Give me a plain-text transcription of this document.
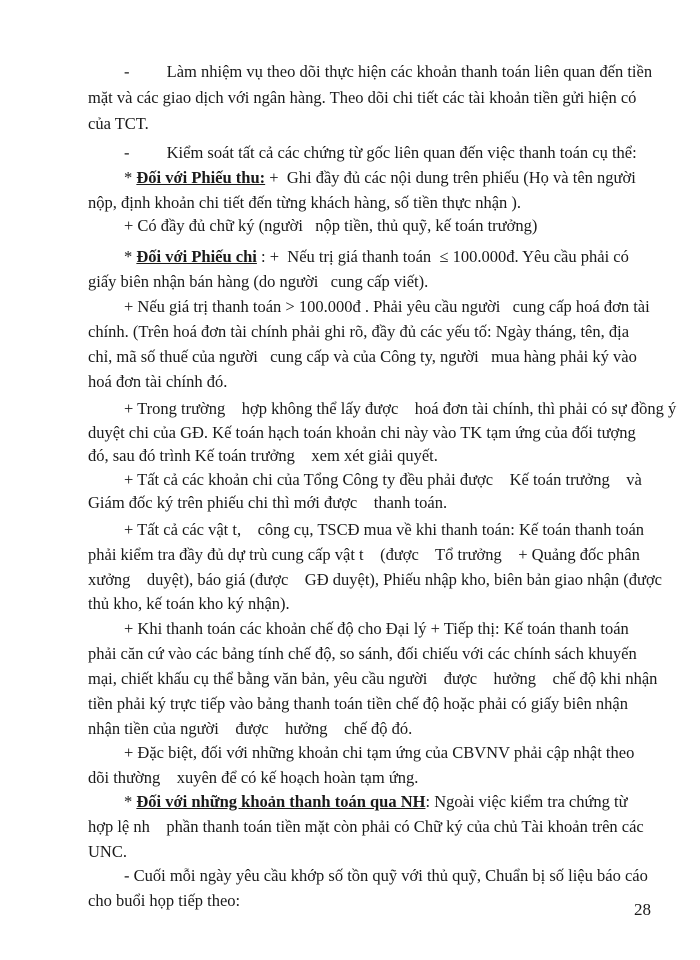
-         Làm nhiệm vụ theo dõi thực hiện các khoản thanh toán liên quan đến tiền
mặt và các giao dịch với ngân hàng. Theo dõi chi tiết các tài khoản tiền gửi hiện có
của TCT.
-         Kiểm soát tất cả các chứng từ gốc liên quan đến việc thanh toán cụ thể:
* Đối với Phiếu thu: +  Ghi đầy đủ các nội dung trên phiếu (Họ và tên người
nộp, định khoản chi tiết đến từng khách hàng, số tiền thực nhận ).
+ Có đầy đủ chữ ký (người   nộp tiền, thủ quỹ, kế toán trưởng)
* Đối với Phiếu chi : +  Nếu trị giá thanh toán  ≤ 100.000đ. Yêu cầu phải có
giấy biên nhận bán hàng (do người   cung cấp viết).
+ Nếu giá trị thanh toán > 100.000đ . Phải yêu cầu người   cung cấp hoá đơn tài
chính. (Trên hoá đơn tài chính phải ghi rõ, đầy đủ các yếu tố: Ngày tháng, tên, địa
chỉ, mã số thuế của người   cung cấp và của Công ty, người   mua hàng phải ký vào
hoá đơn tài chính đó.
+ Trong trường    hợp không thể lấy được    hoá đơn tài chính, thì phải có sự đồng ý
duyệt chi của GĐ. Kế toán hạch toán khoản chi này vào TK tạm ứng của đối tượng
đó, sau đó trình Kế toán trưởng    xem xét giải quyết.
+ Tất cả các khoản chi của Tổng Công ty đều phải được    Kế toán trưởng    và
Giám đốc ký trên phiếu chi thì mới được    thanh toán.
+ Tất cả các vật t,    công cụ, TSCĐ mua về khi thanh toán: Kế toán thanh toán
phải kiểm tra đầy đủ dự trù cung cấp vật t    (được    Tổ trưởng    + Quảng đốc phân
xưởng    duyệt), báo giá (được    GĐ duyệt), Phiếu nhập kho, biên bản giao nhận (được
thủ kho, kế toán kho ký nhận).
+ Khi thanh toán các khoản chế độ cho Đại lý + Tiếp thị: Kế toán thanh toán
phải căn cứ vào các bảng tính chế độ, so sánh, đối chiếu với các chính sách khuyến
mại, chiết khấu cụ thể bằng văn bản, yêu cầu người    được    hưởng    chế độ khi nhận
tiền phải ký trực tiếp vào bảng thanh toán tiền chế độ hoặc phải có giấy biên nhận
nhận tiền của người    được    hưởng    chế độ đó.
+ Đặc biệt, đối với những khoản chi tạm ứng của CBVNV phải cập nhật theo
dõi thường    xuyên để có kế hoạch hoàn tạm ứng.
* Đối với những khoản thanh toán qua NH: Ngoài việc kiểm tra chứng từ
hợp lệ nh    phần thanh toán tiền mặt còn phải có Chữ ký của chủ Tài khoản trên các
UNC.
- Cuối mỗi ngày yêu cầu khớp số tồn quỹ với thủ quỹ, Chuẩn bị số liệu báo cáo
cho buổi họp tiếp theo:	28
